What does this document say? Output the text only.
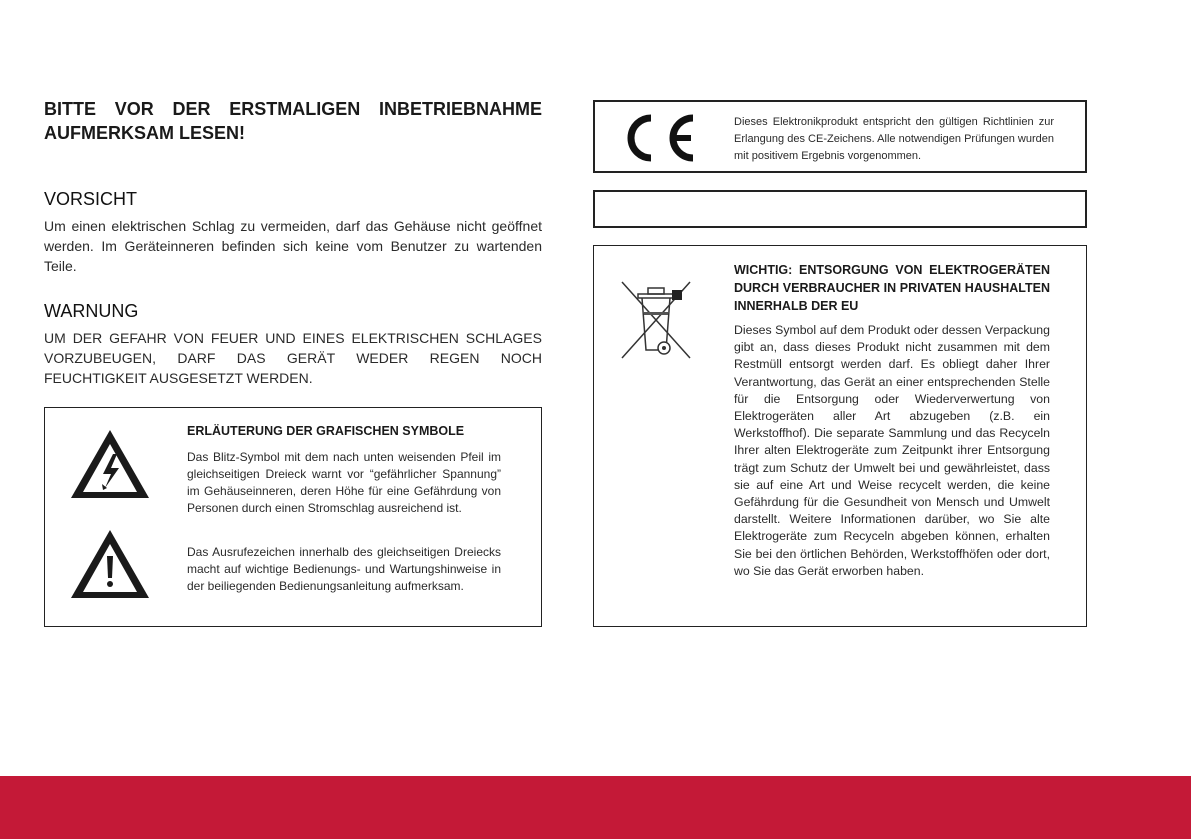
BITTE VOR DER ERSTMALIGEN INBETRIEBNAHME AUFMERKSAM LESEN!
VORSICHT
Um einen elektrischen Schlag zu vermeiden, darf das Gehäuse nicht geöffnet werden. Im Geräteinneren befinden sich keine vom Benutzer zu wartenden Teile.
WARNUNG
UM DER GEFAHR VON FEUER UND EINES ELEKTRISCHEN SCHLAGES VORZUBEUGEN, DARF DAS GERÄT WEDER REGEN NOCH FEUCHTIGKEIT AUSGESETZT WERDEN.
ERLÄUTERUNG DER GRAFISCHEN SYMBOLE
Das Blitz-Symbol mit dem nach unten weisenden Pfeil im gleichseitigen Dreieck warnt vor “gefährlicher Spannung” im Gehäuseinneren, deren Höhe für eine Gefährdung von Personen durch einen Stromschlag ausreichend ist.
Das Ausrufezeichen innerhalb des gleichseitigen Dreiecks macht auf wichtige Bedienungs- und Wartungshinweise in der beiliegenden Bedienungsanleitung aufmerksam.
Dieses Elektronikprodukt entspricht den gültigen Richtlinien zur Erlangung des CE-Zeichens. Alle notwendigen Prüfungen wurden mit positivem Ergebnis vorgenommen.
WICHTIG: ENTSORGUNG VON ELEKTROGERÄTEN DURCH VERBRAUCHER IN PRIVATEN HAUSHALTEN INNERHALB DER EU
Dieses Symbol auf dem Produkt oder dessen Verpackung gibt an, dass dieses Produkt nicht zusammen mit dem Restmüll entsorgt werden darf. Es obliegt daher Ihrer Verantwortung, das Gerät an einer entsprechenden Stelle für die Entsorgung oder Wiederverwertung von Elektrogeräten aller Art abzugeben (z.B. ein Werkstoffhof). Die separate Sammlung und das Recyceln Ihrer alten Elektrogeräte zum Zeitpunkt ihrer Entsorgung trägt zum Schutz der Umwelt bei und gewährleistet, dass sie auf eine Art und Weise recycelt werden, die keine Gefährdung für die Gesundheit von Mensch und Umwelt darstellt. Weitere Informationen darüber, wo Sie alte Elektrogeräte zum Recyceln abgeben können, erhalten Sie bei den örtlichen Behörden, Werkstoffhöfen oder dort, wo Sie das Gerät erworben haben.
